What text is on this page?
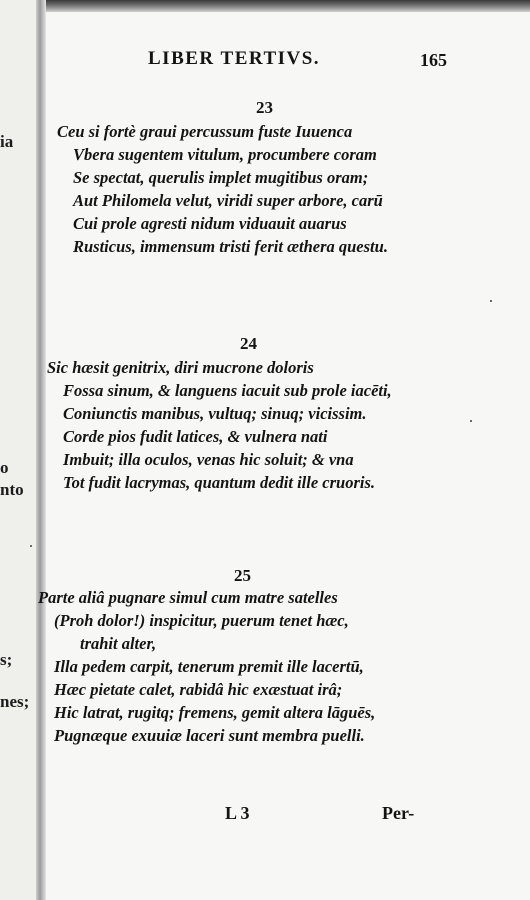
ia
o
nto
s;
nes;
LIBER TERTIVS.	165
23
Ceu si fortè graui percussum fuste Iuuenca
Vbera sugentem vitulum, procumbere coram
Se spectat, querulis implet mugitibus oram;
Aut Philomela velut, viridi super arbore, carū
Cui prole agresti nidum viduauit auarus
Rusticus, immensum tristi ferit æthera questu.
24
Sic hæsit genitrix, diri mucrone doloris
Fossa sinum, & languens iacuit sub prole iacēti,
Coniunctis manibus, vultuq; sinuq; vicissim.
Corde pios fudit latices, & vulnera nati
Imbuit; illa oculos, venas hic soluit; & vna
Tot fudit lacrymas, quantum dedit ille cruoris.
25
Parte aliâ pugnare simul cum matre satelles
(Proh dolor!) inspicitur, puerum tenet hæc,
trahit alter,
Illa pedem carpit, tenerum premit ille lacertū,
Hæc pietate calet, rabidâ hic exæstuat irâ;
Hic latrat, rugitq; fremens, gemit altera lāguēs,
Pugnæque exuuiæ laceri sunt membra puelli.
L 3	Per-
